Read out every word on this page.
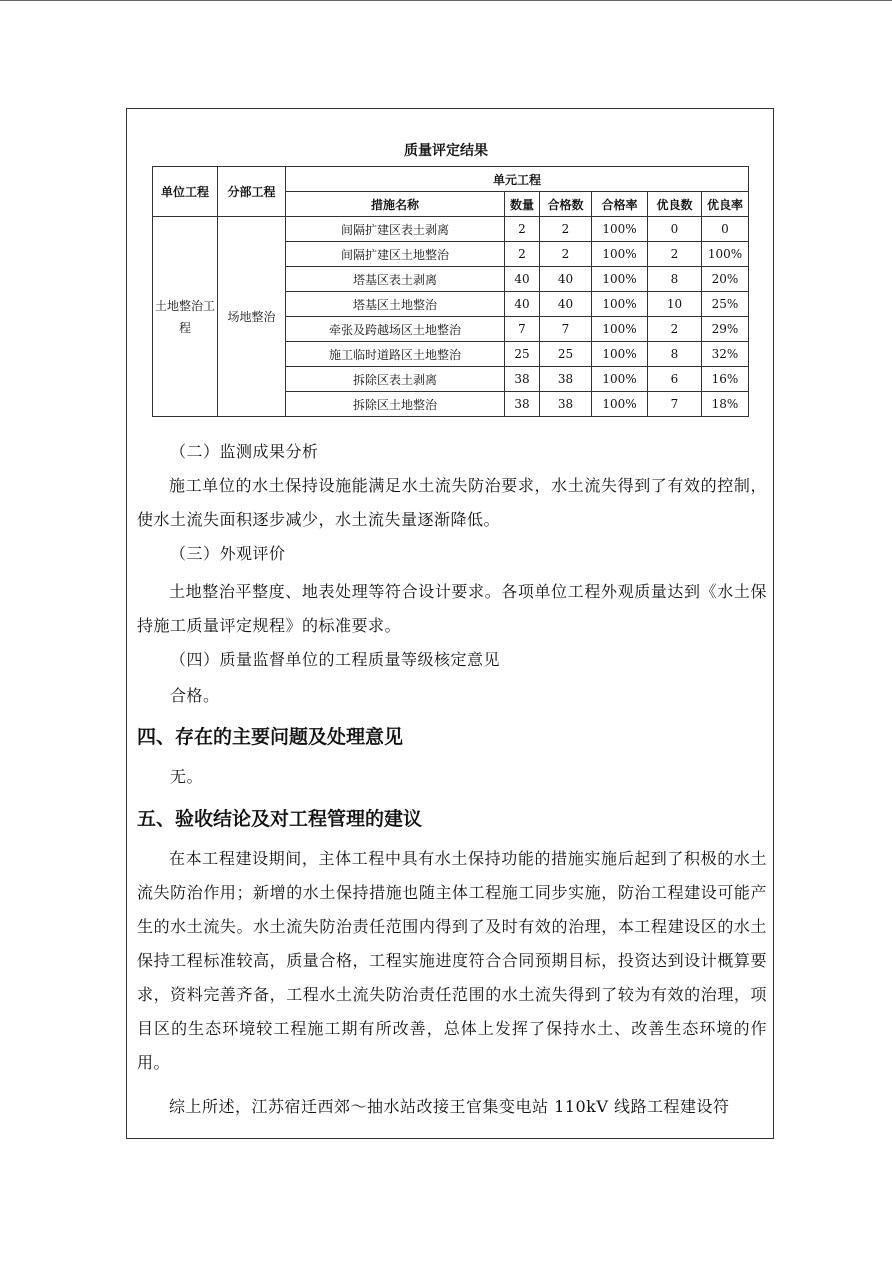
质量评定结果
单位工程	分部工程	单元工程					
		措施名称	数量	合格数	合格率	优良数	优良率
土地整治工程	场地整治	间隔扩建区表土剥离	2	2	100%	0	0
		间隔扩建区土地整治	2	2	100%	2	100%
		塔基区表土剥离	40	40	100%	8	20%
		塔基区土地整治	40	40	100%	10	25%
		牵张及跨越场区土地整治	7	7	100%	2	29%
		施工临时道路区土地整治	25	25	100%	8	32%
		拆除区表土剥离	38	38	100%	6	16%
		拆除区土地整治	38	38	100%	7	18%
（二）监测成果分析
施工单位的水土保持设施能满足水土流失防治要求，水土流失得到了有效的控制，使水土流失面积逐步减少，水土流失量逐渐降低。
（三）外观评价
土地整治平整度、地表处理等符合设计要求。各项单位工程外观质量达到《水土保持施工质量评定规程》的标准要求。
（四）质量监督单位的工程质量等级核定意见
合格。
四、存在的主要问题及处理意见
无。
五、验收结论及对工程管理的建议
在本工程建设期间，主体工程中具有水土保持功能的措施实施后起到了积极的水土流失防治作用；新增的水土保持措施也随主体工程施工同步实施，防治工程建设可能产生的水土流失。水土流失防治责任范围内得到了及时有效的治理，本工程建设区的水土保持工程标准较高，质量合格，工程实施进度符合合同预期目标，投资达到设计概算要求，资料完善齐备，工程水土流失防治责任范围的水土流失得到了较为有效的治理，项目区的生态环境较工程施工期有所改善，总体上发挥了保持水土、改善生态环境的作用。
综上所述，江苏宿迁西郊～抽水站改接王官集变电站 110kV 线路工程建设符
